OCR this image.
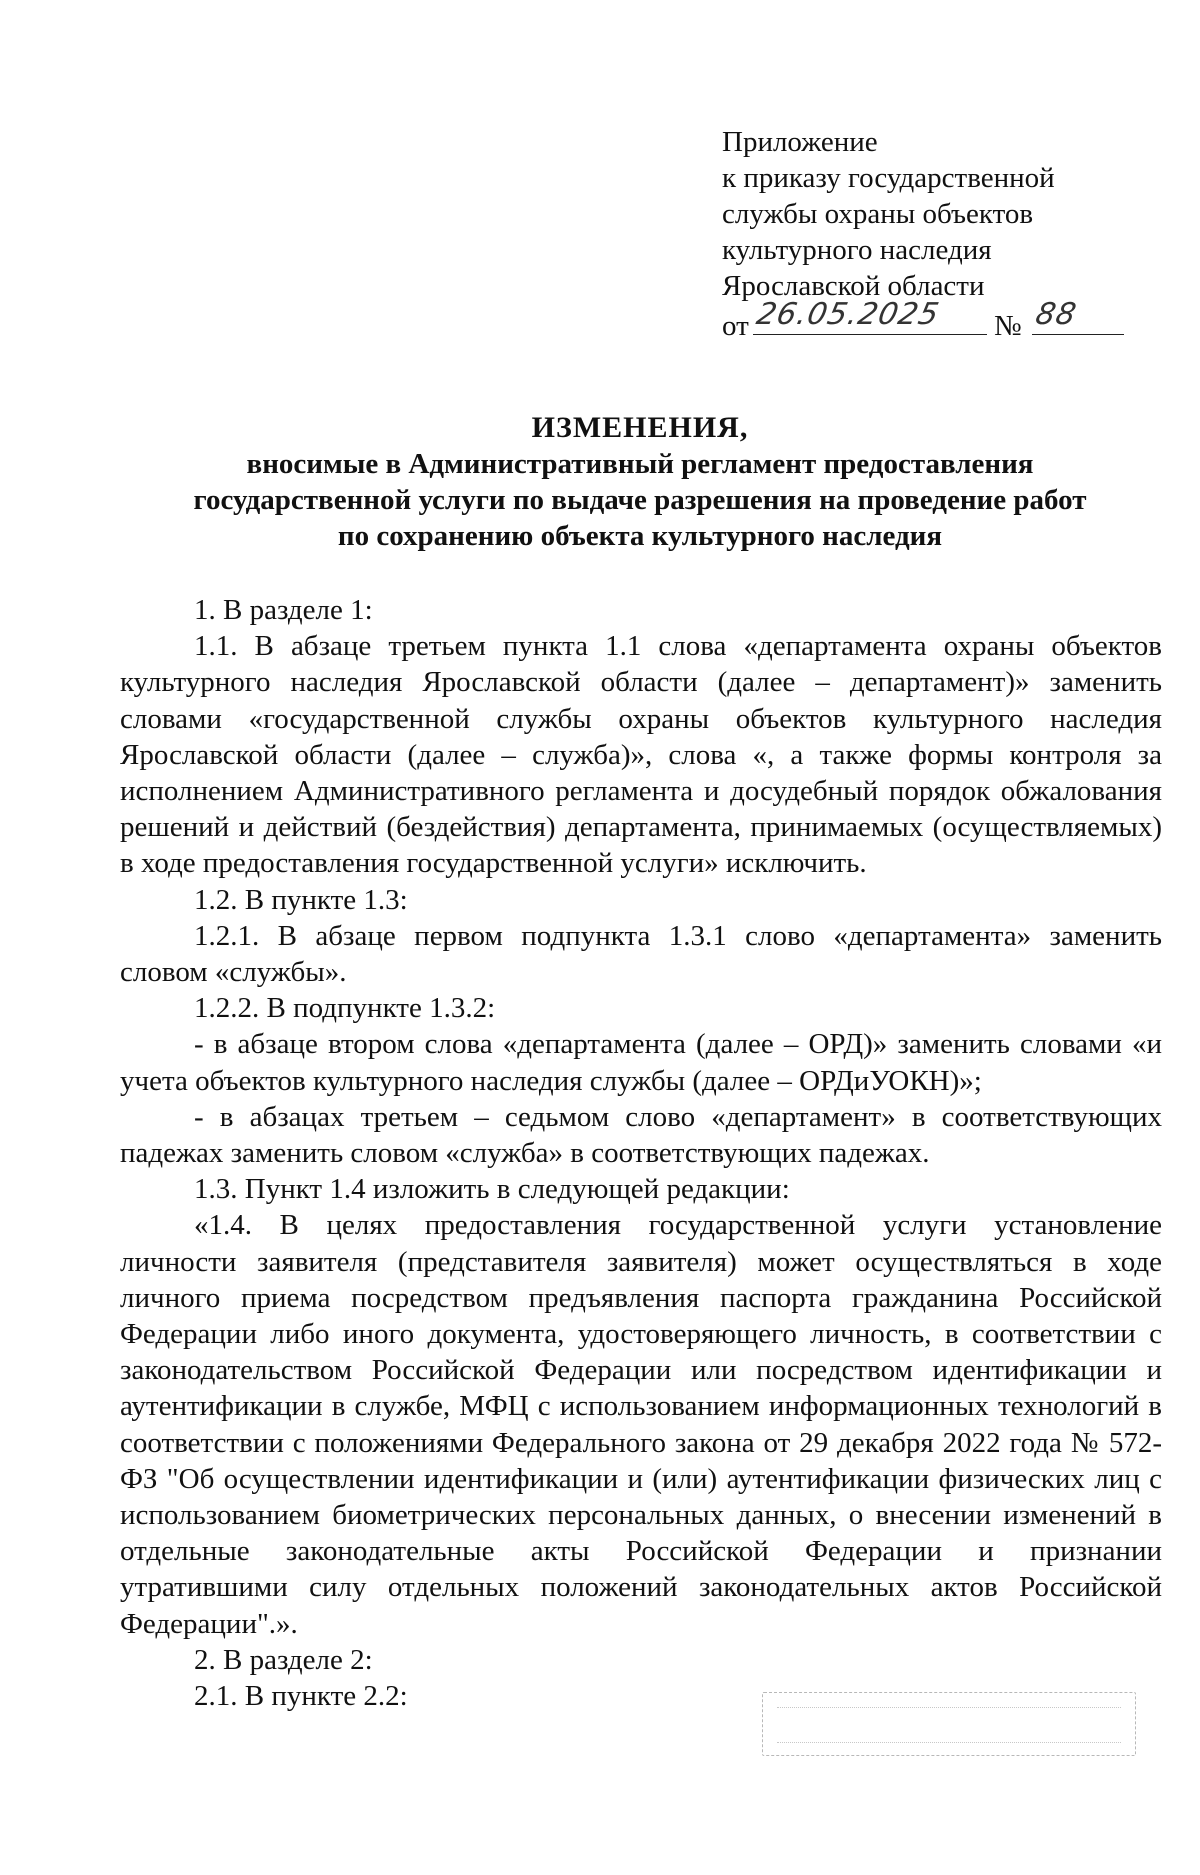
Приложение
к приказу государственной
службы охраны объектов
культурного наследия
Ярославской области
от 26.05.2025 № 88
ИЗМЕНЕНИЯ,
вносимые в Административный регламент предоставления
государственной услуги по выдаче разрешения на проведение работ
по сохранению объекта культурного наследия

1. В разделе 1:

1.1. В абзаце третьем пункта 1.1 слова «департамента охраны объектов культурного наследия Ярославской области (далее – департамент)» заменить словами «государственной службы охраны объектов культурного наследия Ярославской области (далее – служба)», слова «, а также формы контроля за исполнением Административного регламента и досудебный порядок обжалования решений и действий (бездействия) департамента, принимаемых (осуществляемых) в ходе предоставления государственной услуги» исключить.

1.2. В пункте 1.3:

1.2.1. В абзаце первом подпункта 1.3.1 слово «департамента» заменить словом «службы».

1.2.2. В подпункте 1.3.2:

- в абзаце втором слова «департамента (далее – ОРД)» заменить словами «и учета объектов культурного наследия службы (далее – ОРДиУОКН)»;

- в абзацах третьем – седьмом слово «департамент» в соответствующих падежах заменить словом «служба» в соответствующих падежах.

1.3. Пункт 1.4 изложить в следующей редакции:

«1.4. В целях предоставления государственной услуги установление личности заявителя (представителя заявителя) может осуществляться в ходе личного приема посредством предъявления паспорта гражданина Российской Федерации либо иного документа, удостоверяющего личность, в соответствии с законодательством Российской Федерации или посредством идентификации и аутентификации в службе, МФЦ с использованием информационных технологий в соответствии с положениями Федерального закона от 29 декабря 2022 года № 572-ФЗ "Об осуществлении идентификации и (или) аутентификации физических лиц с использованием биометрических персональных данных, о внесении изменений в отдельные законодательные акты Российской Федерации и признании утратившими силу отдельных положений законодательных актов Российской Федерации".».

2. В разделе 2:

2.1. В пункте 2.2:
